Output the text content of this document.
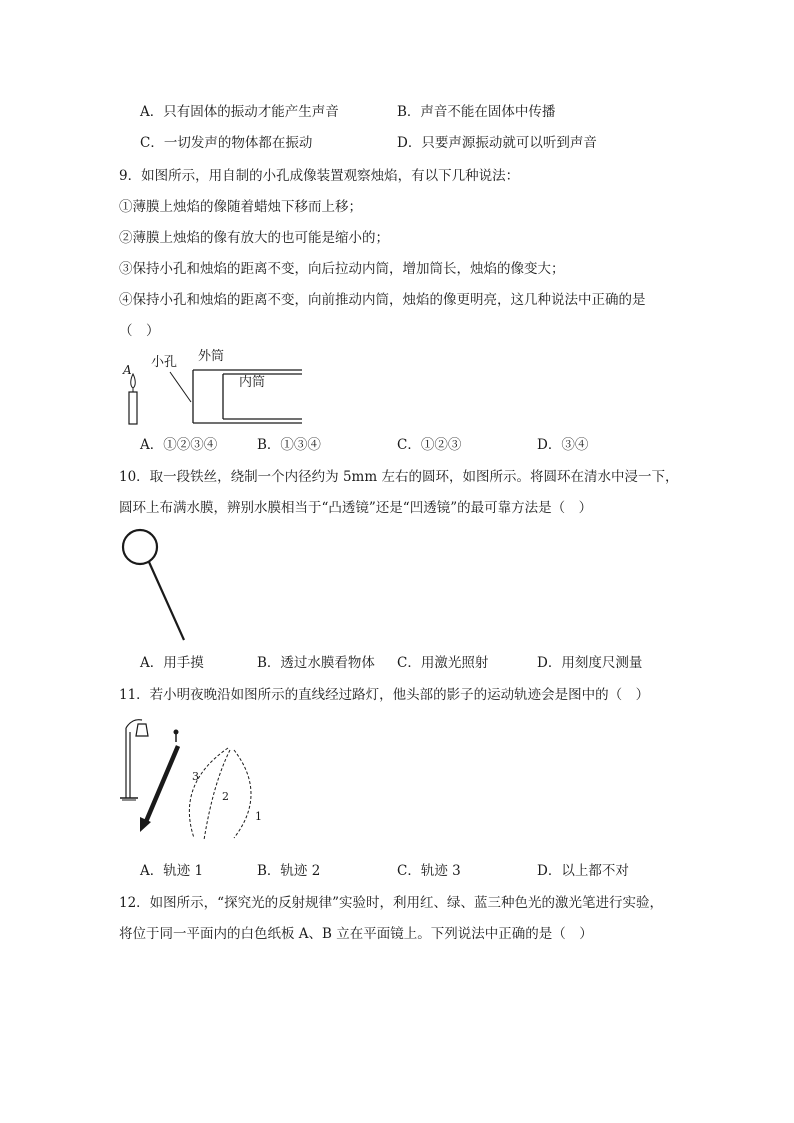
A．只有固体的振动才能产生声音	B．声音不能在固体中传播
C．一切发声的物体都在振动	D．只要声源振动就可以听到声音
9．如图所示，用自制的小孔成像装置观察烛焰，有以下几种说法：
①薄膜上烛焰的像随着蜡烛下移而上移；
②薄膜上烛焰的像有放大的也可能是缩小的；
③保持小孔和烛焰的距离不变，向后拉动内筒，增加筒长，烛焰的像变大；
④保持小孔和烛焰的距离不变，向前推动内筒，烛焰的像更明亮，这几种说法中正确的是
（　）
A 小孔 外筒
内筒
A．①②③④	B．①③④	C．①②③	D．③④
10．取一段铁丝，绕制一个内径约为 5mm 左右的圆环，如图所示。将圆环在清水中浸一下，
圆环上布满水膜，辨别水膜相当于“凸透镜”还是“凹透镜”的最可靠方法是（　）
A．用手摸	B．透过水膜看物体 C．用激光照射	D．用刻度尺测量
11．若小明夜晚沿如图所示的直线经过路灯，他头部的影子的运动轨迹会是图中的（　）
3
2
1
A．轨迹 1	B．轨迹 2	C．轨迹 3	D．以上都不对
12．如图所示，“探究光的反射规律”实验时，利用红、绿、蓝三种色光的激光笔进行实验，
将位于同一平面内的白色纸板 A、B 立在平面镜上。下列说法中正确的是（　）
